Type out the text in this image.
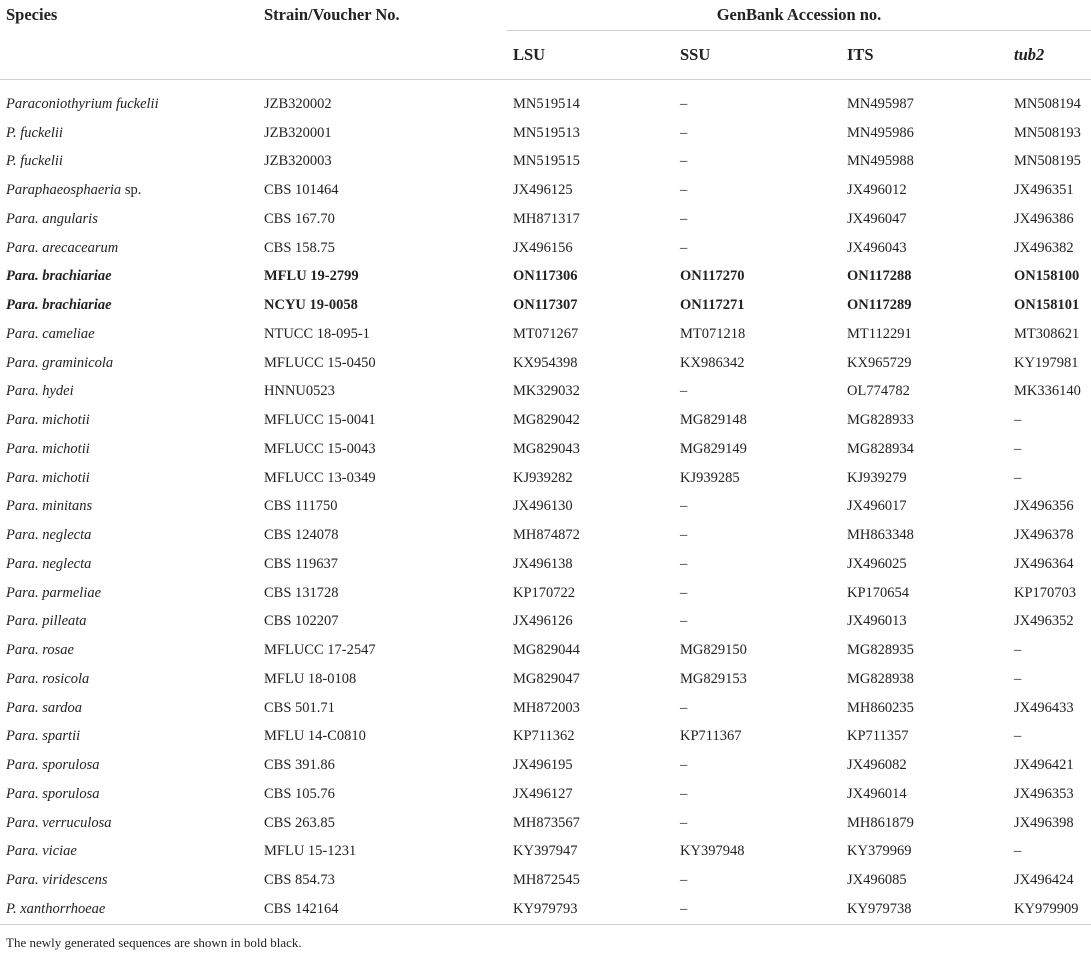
Species	Strain/Voucher No.	GenBank Accession no.			
		LSU	SSU	ITS	tub2
Paraconiothyrium fuckelii	JZB320002	MN519514	–	MN495987	MN508194
P. fuckelii	JZB320001	MN519513	–	MN495986	MN508193
P. fuckelii	JZB320003	MN519515	–	MN495988	MN508195
Paraphaeosphaeria sp.	CBS 101464	JX496125	–	JX496012	JX496351
Para. angularis	CBS 167.70	MH871317	–	JX496047	JX496386
Para. arecacearum	CBS 158.75	JX496156	–	JX496043	JX496382
Para. brachiariae	MFLU 19-2799	ON117306	ON117270	ON117288	ON158100
Para. brachiariae	NCYU 19-0058	ON117307	ON117271	ON117289	ON158101
Para. cameliae	NTUCC 18-095-1	MT071267	MT071218	MT112291	MT308621
Para. graminicola	MFLUCC 15-0450	KX954398	KX986342	KX965729	KY197981
Para. hydei	HNNU0523	MK329032	–	OL774782	MK336140
Para. michotii	MFLUCC 15-0041	MG829042	MG829148	MG828933	–
Para. michotii	MFLUCC 15-0043	MG829043	MG829149	MG828934	–
Para. michotii	MFLUCC 13-0349	KJ939282	KJ939285	KJ939279	–
Para. minitans	CBS 111750	JX496130	–	JX496017	JX496356
Para. neglecta	CBS 124078	MH874872	–	MH863348	JX496378
Para. neglecta	CBS 119637	JX496138	–	JX496025	JX496364
Para. parmeliae	CBS 131728	KP170722	–	KP170654	KP170703
Para. pilleata	CBS 102207	JX496126	–	JX496013	JX496352
Para. rosae	MFLUCC 17-2547	MG829044	MG829150	MG828935	–
Para. rosicola	MFLU 18-0108	MG829047	MG829153	MG828938	–
Para. sardoa	CBS 501.71	MH872003	–	MH860235	JX496433
Para. spartii	MFLU 14-C0810	KP711362	KP711367	KP711357	–
Para. sporulosa	CBS 391.86	JX496195	–	JX496082	JX496421
Para. sporulosa	CBS 105.76	JX496127	–	JX496014	JX496353
Para. verruculosa	CBS 263.85	MH873567	–	MH861879	JX496398
Para. viciae	MFLU 15-1231	KY397947	KY397948	KY379969	–
Para. viridescens	CBS 854.73	MH872545	–	JX496085	JX496424
P. xanthorrhoeae	CBS 142164	KY979793	–	KY979738	KY979909
The newly generated sequences are shown in bold black.
